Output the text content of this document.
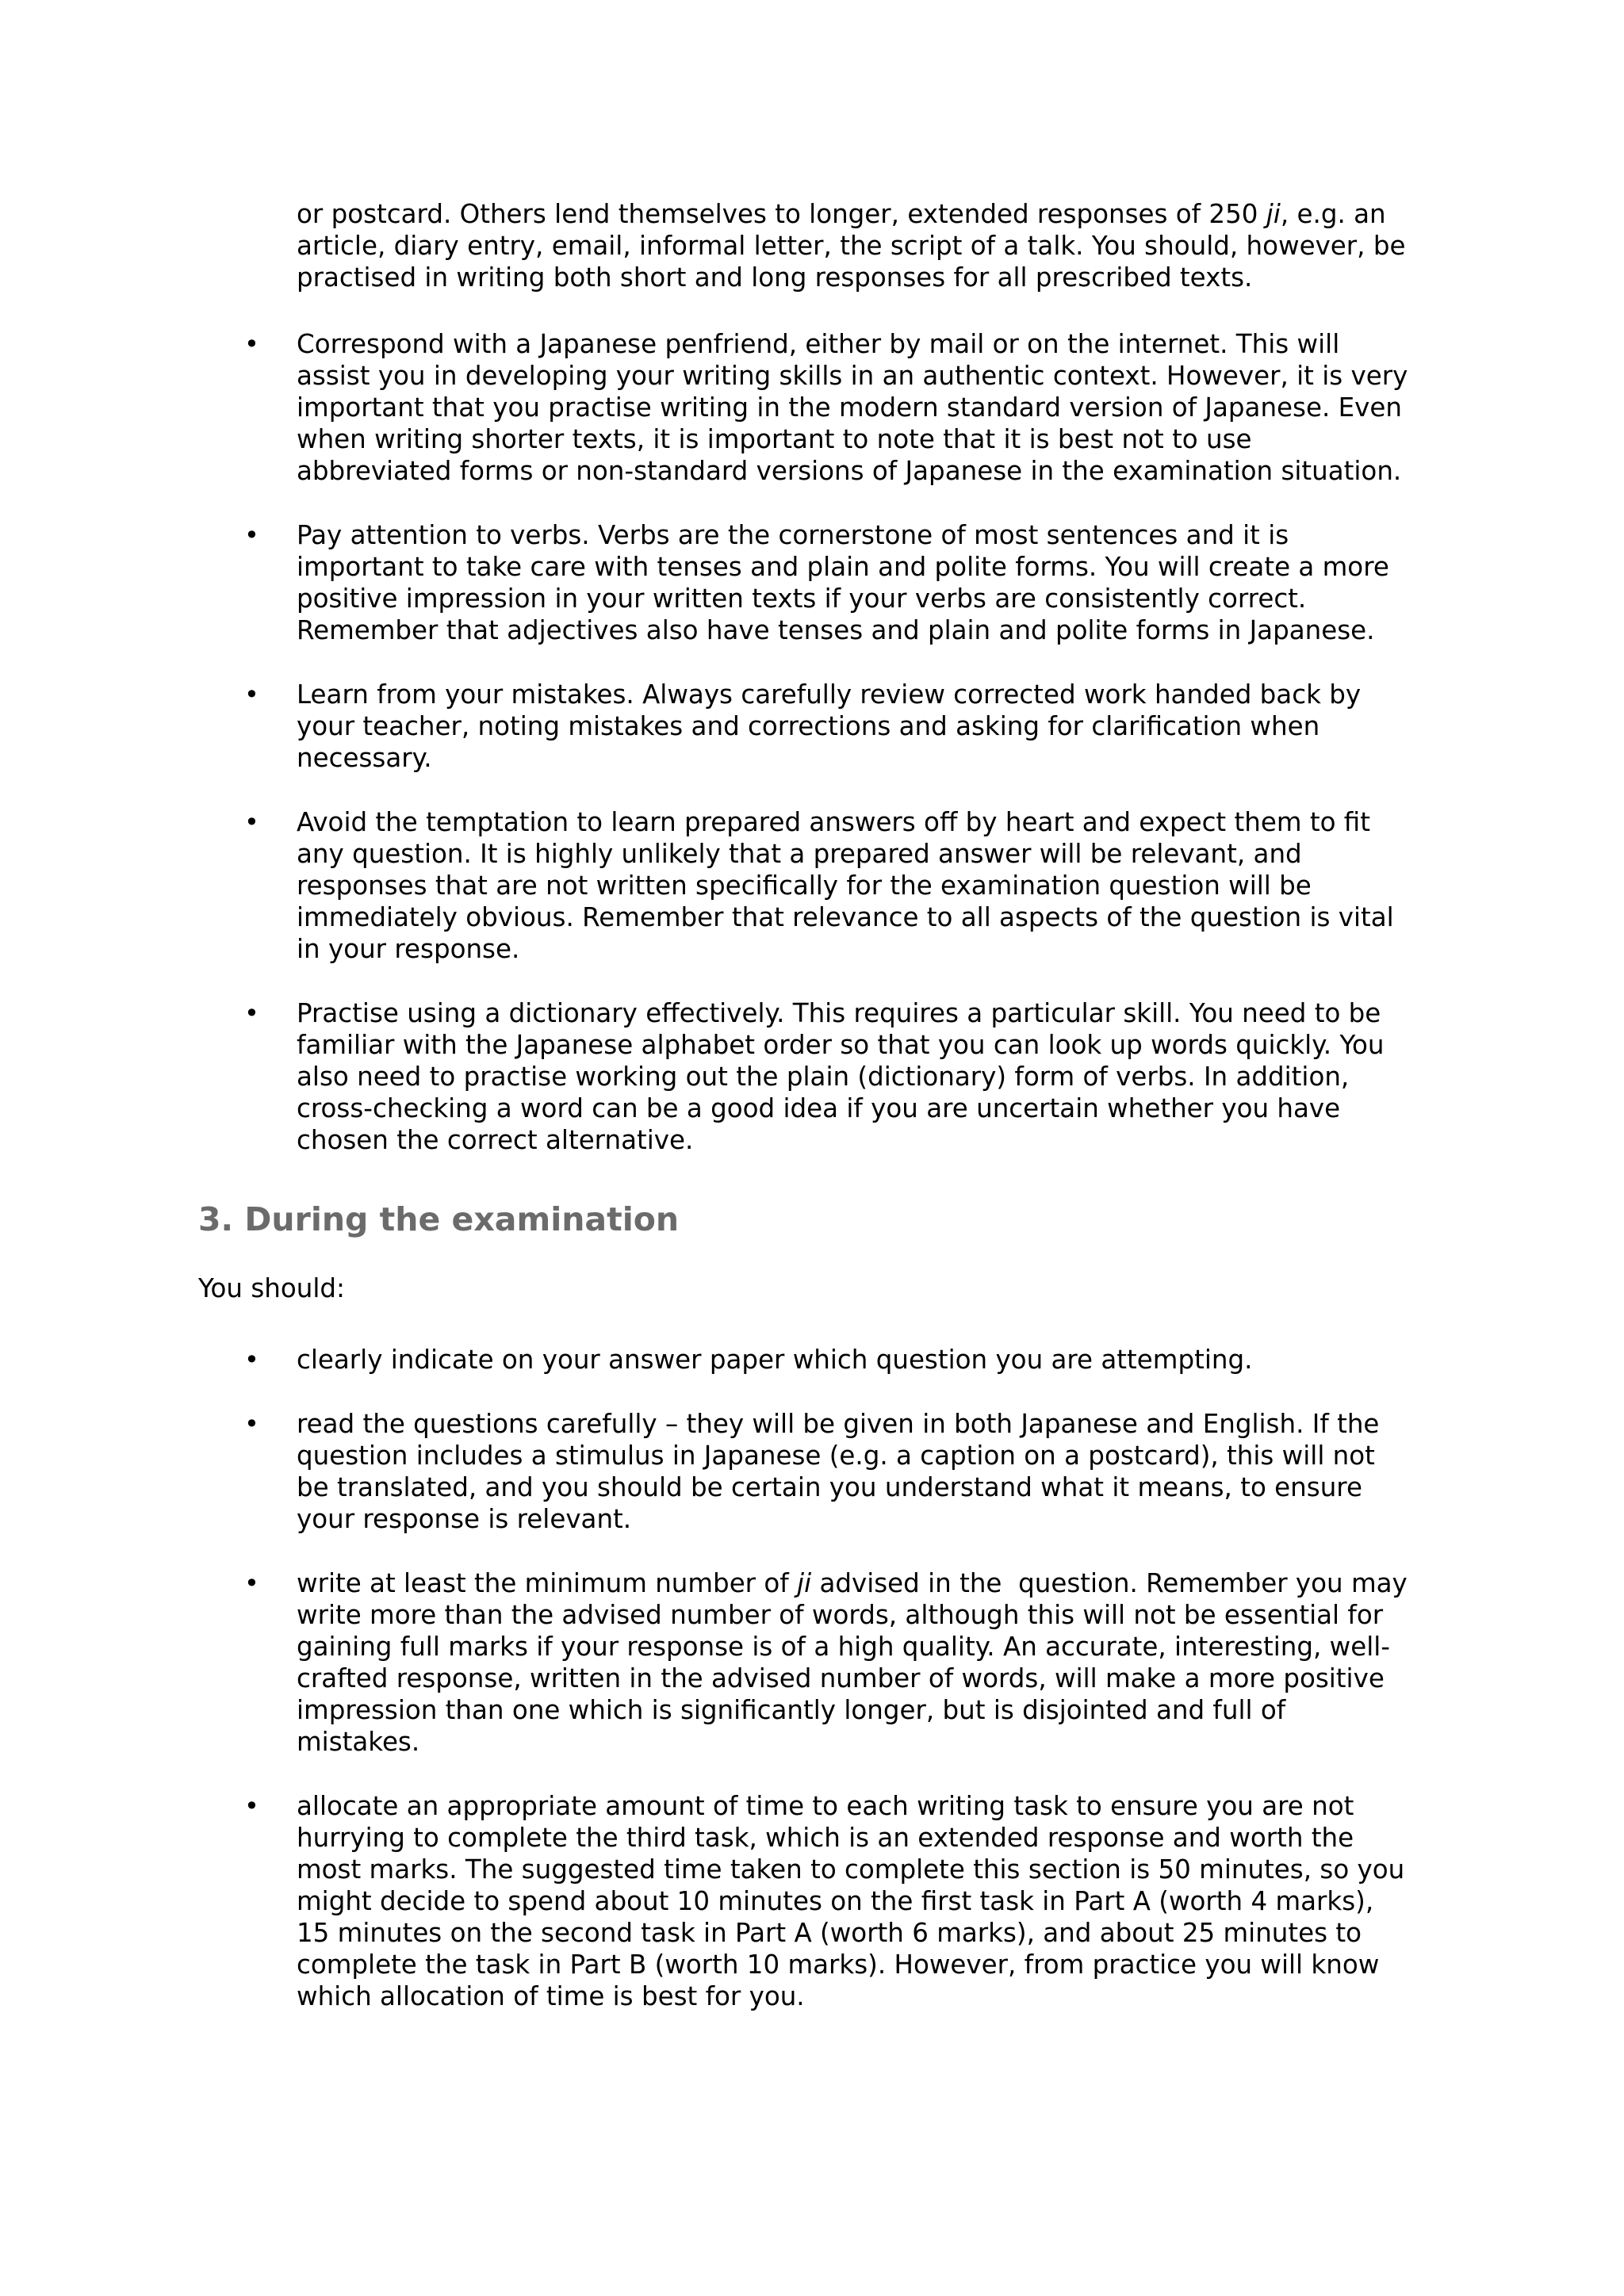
or postcard. Others lend themselves to longer, extended responses of 250 ji, e.g. an
article, diary entry, email, informal letter, the script of a talk. You should, however, be
practised in writing both short and long responses for all prescribed texts.

• Correspond with a Japanese penfriend, either by mail or on the internet. This will
assist you in developing your writing skills in an authentic context. However, it is very
important that you practise writing in the modern standard version of Japanese. Even
when writing shorter texts, it is important to note that it is best not to use
abbreviated forms or non-standard versions of Japanese in the examination situation.

• Pay attention to verbs. Verbs are the cornerstone of most sentences and it is
important to take care with tenses and plain and polite forms. You will create a more
positive impression in your written texts if your verbs are consistently correct.
Remember that adjectives also have tenses and plain and polite forms in Japanese.

• Learn from your mistakes. Always carefully review corrected work handed back by
your teacher, noting mistakes and corrections and asking for clarification when
necessary.

• Avoid the temptation to learn prepared answers off by heart and expect them to fit
any question. It is highly unlikely that a prepared answer will be relevant, and
responses that are not written specifically for the examination question will be
immediately obvious. Remember that relevance to all aspects of the question is vital
in your response.

• Practise using a dictionary effectively. This requires a particular skill. You need to be
familiar with the Japanese alphabet order so that you can look up words quickly. You
also need to practise working out the plain (dictionary) form of verbs. In addition,
cross-checking a word can be a good idea if you are uncertain whether you have
chosen the correct alternative.

3. During the examination

You should:

• clearly indicate on your answer paper which question you are attempting.

• read the questions carefully – they will be given in both Japanese and English. If the
question includes a stimulus in Japanese (e.g. a caption on a postcard), this will not
be translated, and you should be certain you understand what it means, to ensure
your response is relevant.

• write at least the minimum number of ji advised in the  question. Remember you may
write more than the advised number of words, although this will not be essential for
gaining full marks if your response is of a high quality. An accurate, interesting, well-
crafted response, written in the advised number of words, will make a more positive
impression than one which is significantly longer, but is disjointed and full of
mistakes.

• allocate an appropriate amount of time to each writing task to ensure you are not
hurrying to complete the third task, which is an extended response and worth the
most marks. The suggested time taken to complete this section is 50 minutes, so you
might decide to spend about 10 minutes on the first task in Part A (worth 4 marks),
15 minutes on the second task in Part A (worth 6 marks), and about 25 minutes to
complete the task in Part B (worth 10 marks). However, from practice you will know
which allocation of time is best for you.
